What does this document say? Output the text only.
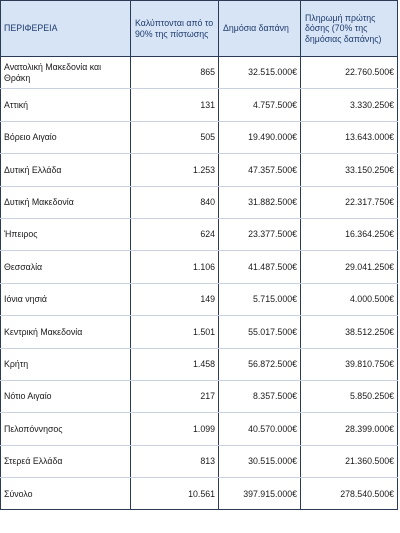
ΠΕΡΙΦΕΡΕΙΑ	Καλύπτονται από το 90% της πίστωσης	Δημόσια δαπάνη	Πληρωμή πρώτης δόσης (70% της δημόσιας δαπάνης)
Ανατολική Μακεδονία και Θράκη	865	32.515.000€	22.760.500€
Αττική	131	4.757.500€	3.330.250€
Βόρειο Αιγαίο	505	19.490.000€	13.643.000€
Δυτική Ελλάδα	1.253	47.357.500€	33.150.250€
Δυτική Μακεδονία	840	31.882.500€	22.317.750€
Ήπειρος	624	23.377.500€	16.364.250€
Θεσσαλία	1.106	41.487.500€	29.041.250€
Ιόνια νησιά	149	5.715.000€	4.000.500€
Κεντρική Μακεδονία	1.501	55.017.500€	38.512.250€
Κρήτη	1.458	56.872.500€	39.810.750€
Νότιο Αιγαίο	217	8.357.500€	5.850.250€
Πελοπόννησος	1.099	40.570.000€	28.399.000€
Στερεά Ελλάδα	813	30.515.000€	21.360.500€
Σύνολο	10.561	397.915.000€	278.540.500€
